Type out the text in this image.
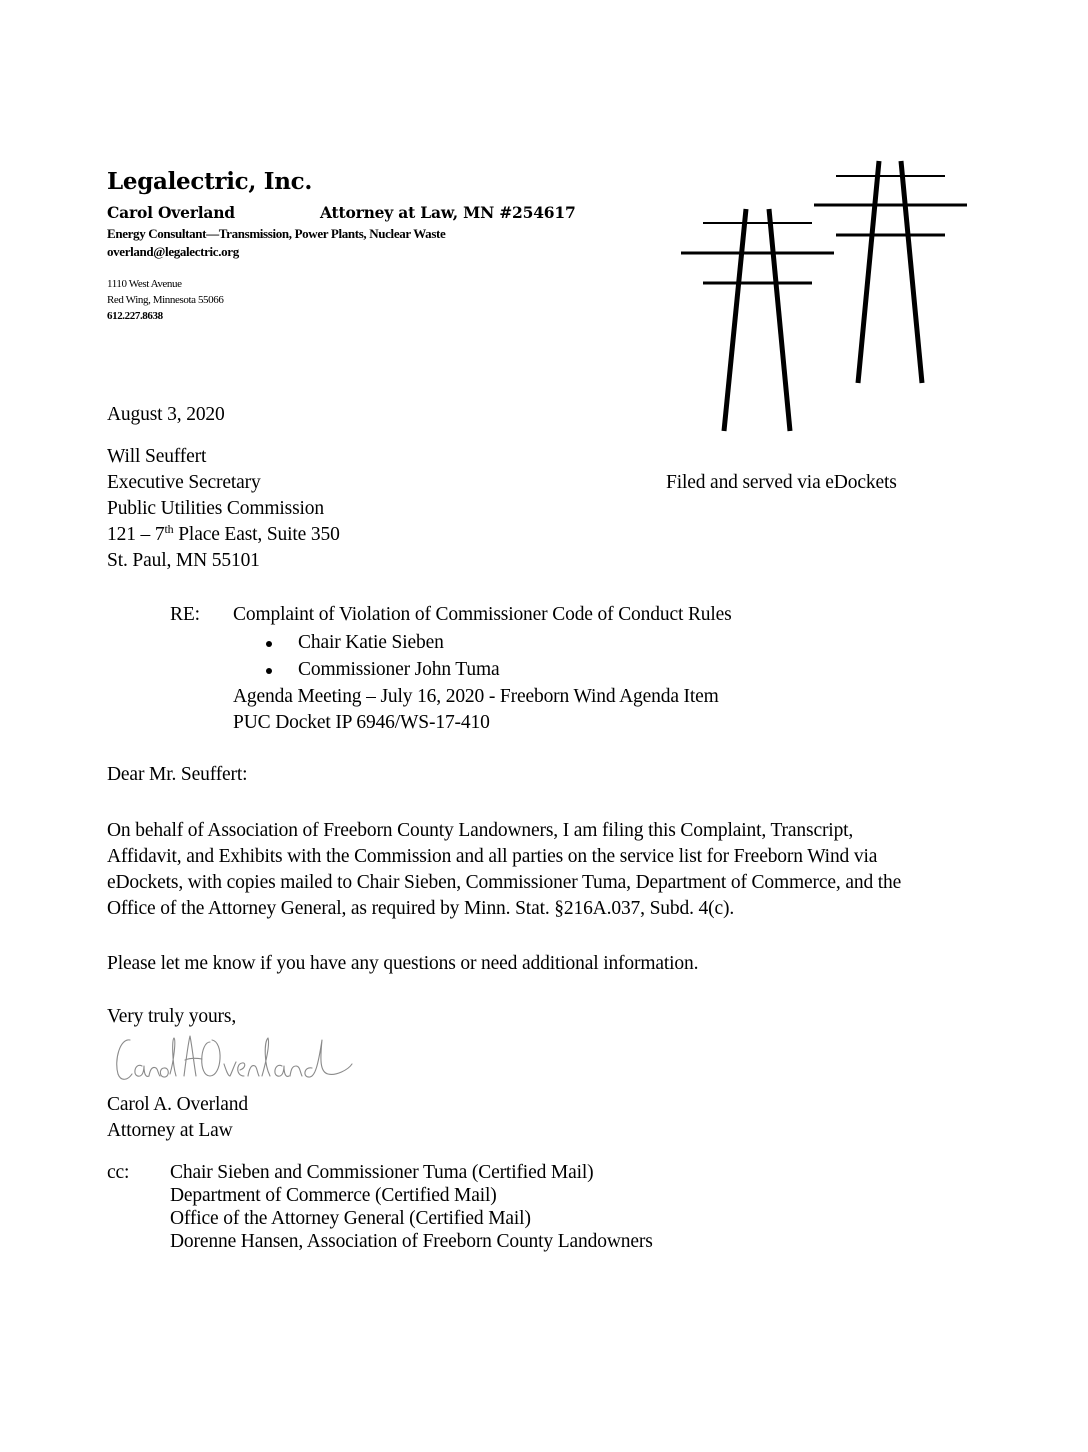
Legalectric, Inc.
Carol Overland	Attorney at Law, MN #254617
Energy Consultant—Transmission, Power Plants, Nuclear Waste
overland@legalectric.org
1110 West Avenue
Red Wing, Minnesota 55066
612.227.8638
August 3, 2020
Will Seuffert
Executive Secretary
Public Utilities Commission
121 – 7th Place East, Suite 350
St. Paul, MN 55101
Filed and served via eDockets
RE: Complaint of Violation of Commissioner Code of Conduct Rules
Chair Katie Sieben
Commissioner John Tuma
Agenda Meeting – July 16, 2020 - Freeborn Wind Agenda Item
PUC Docket IP 6946/WS-17-410
Dear Mr. Seuffert:
On behalf of Association of Freeborn County Landowners, I am filing this Complaint, Transcript,
Affidavit, and Exhibits with the Commission and all parties on the service list for Freeborn Wind via
eDockets, with copies mailed to Chair Sieben, Commissioner Tuma, Department of Commerce, and the
Office of the Attorney General, as required by Minn. Stat. §216A.037, Subd. 4(c).
Please let me know if you have any questions or need additional information.
Very truly yours,
Carol A. Overland
Attorney at Law
cc: Chair Sieben and Commissioner Tuma (Certified Mail)
Department of Commerce (Certified Mail)
Office of the Attorney General (Certified Mail)
Dorenne Hansen, Association of Freeborn County Landowners
